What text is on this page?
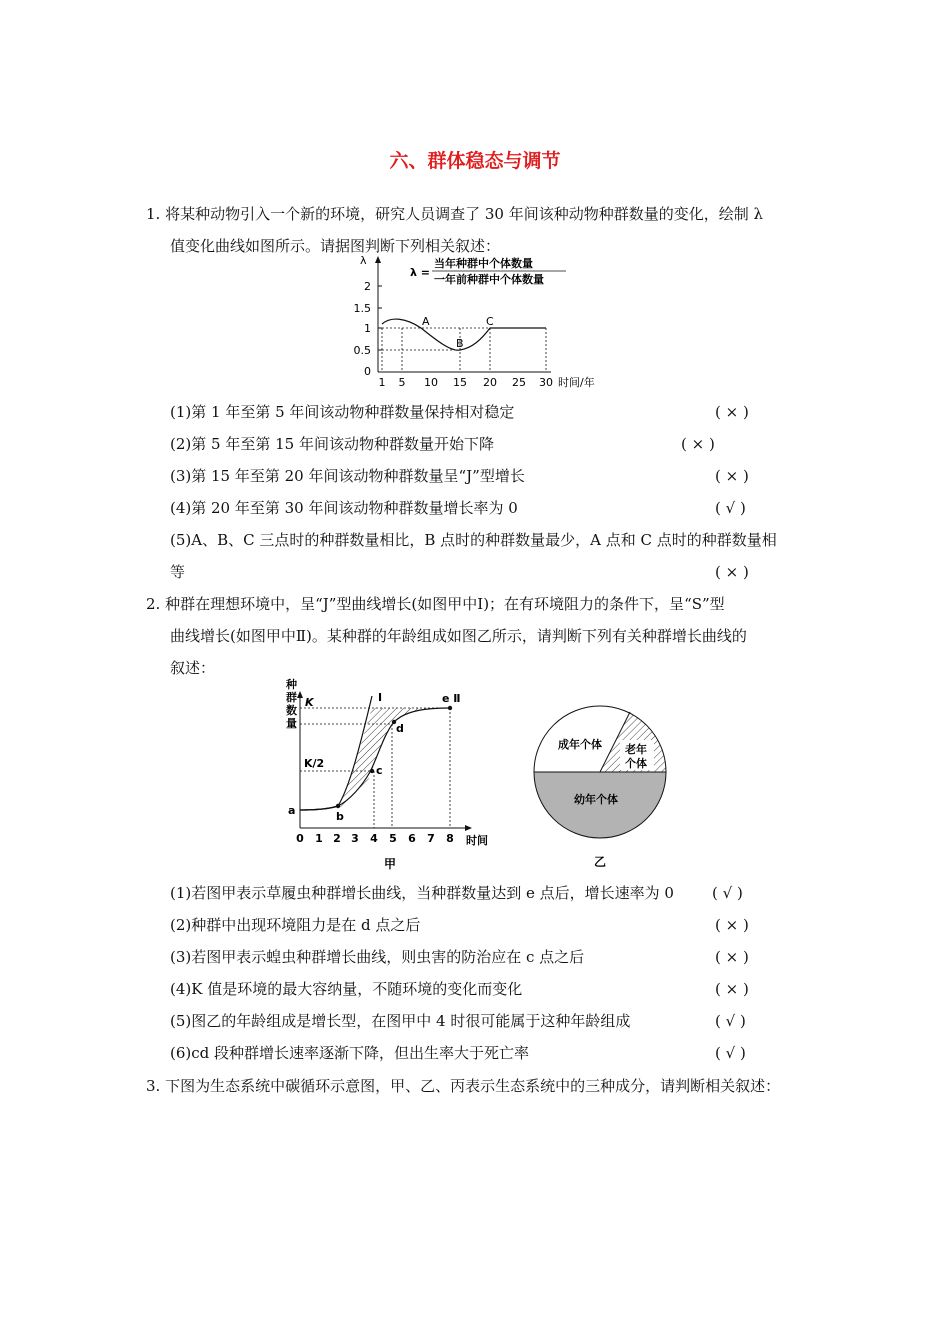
六、群体稳态与调节
1. 将某种动物引入一个新的环境，研究人员调查了 30 年间该种动物种群数量的变化，绘制 λ
值变化曲线如图所示。请据图判断下列相关叙述：
λ
2
1.5
1
0.5
0
1 5 10 15 20 25 30 时间/年
A
B
C
λ =
当年种群中个体数量
一年前种群中个体数量
(1)第 1 年至第 5 年间该动物种群数量保持相对稳定	( × )
(2)第 5 年至第 15 年间该动物种群数量开始下降	( × )
(3)第 15 年至第 20 年间该动物种群数量呈“J”型增长	( × )
(4)第 20 年至第 30 年间该动物种群数量增长率为 0	( √ )
(5)A、B、C 三点时的种群数量相比，B 点时的种群数量最少，A 点和 C 点时的种群数量相
等	( × )
2. 种群在理想环境中，呈“J”型曲线增长(如图甲中Ⅰ)；在有环境阻力的条件下，呈“S”型
曲线增长(如图甲中Ⅱ)。某种群的年龄组成如图乙所示，请判断下列有关种群增长曲线的
叙述：
种
群
数
量
K
K/2
a	b
c
d
Ⅰ	e Ⅱ
0 1 2 3 4 5 6 7 8 时间
甲
成年个体 老年
个体
幼年个体
乙
(1)若图甲表示草履虫种群增长曲线，当种群数量达到 e 点后，增长速率为 0	( √ )
(2)种群中出现环境阻力是在 d 点之后	( × )
(3)若图甲表示蝗虫种群增长曲线，则虫害的防治应在 c 点之后	( × )
(4)K 值是环境的最大容纳量，不随环境的变化而变化	( × )
(5)图乙的年龄组成是增长型，在图甲中 4 时很可能属于这种年龄组成	( √ )
(6)cd 段种群增长速率逐渐下降，但出生率大于死亡率	( √ )
3. 下图为生态系统中碳循环示意图，甲、乙、丙表示生态系统中的三种成分，请判断相关叙述：
